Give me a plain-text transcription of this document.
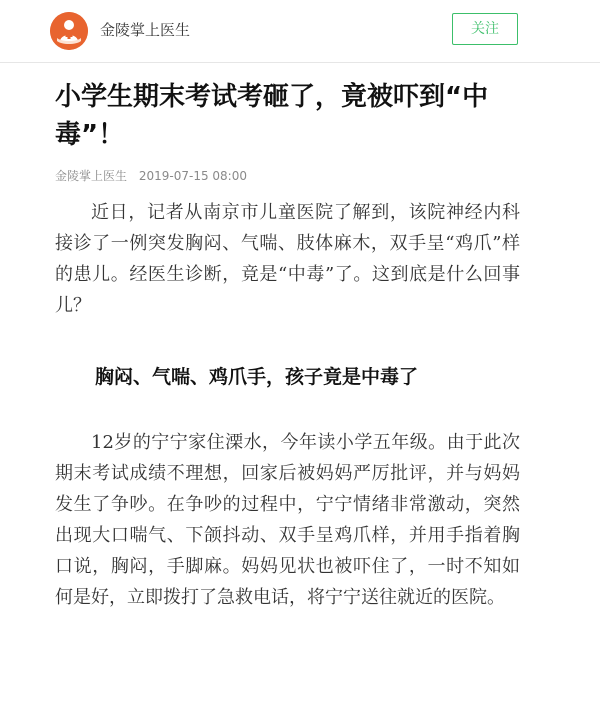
金陵掌上医生	关注
小学生期末考试考砸了，竟被吓到“中毒”！
金陵掌上医生 2019-07-15 08:00

近日，记者从南京市儿童医院了解到，该院神经内科接诊了一例突发胸闷、气喘、肢体麻木，双手呈“鸡爪”样的患儿。经医生诊断，竟是“中毒”了。这到底是什么回事儿？

胸闷、气喘、鸡爪手，孩子竟是中毒了

12岁的宁宁家住溧水，今年读小学五年级。由于此次期末考试成绩不理想，回家后被妈妈严厉批评，并与妈妈发生了争吵。在争吵的过程中，宁宁情绪非常激动，突然出现大口喘气、下颌抖动、双手呈鸡爪样，并用手指着胸口说，胸闷，手脚麻。妈妈见状也被吓住了，一时不知如何是好，立即拨打了急救电话，将宁宁送往就近的医院。
